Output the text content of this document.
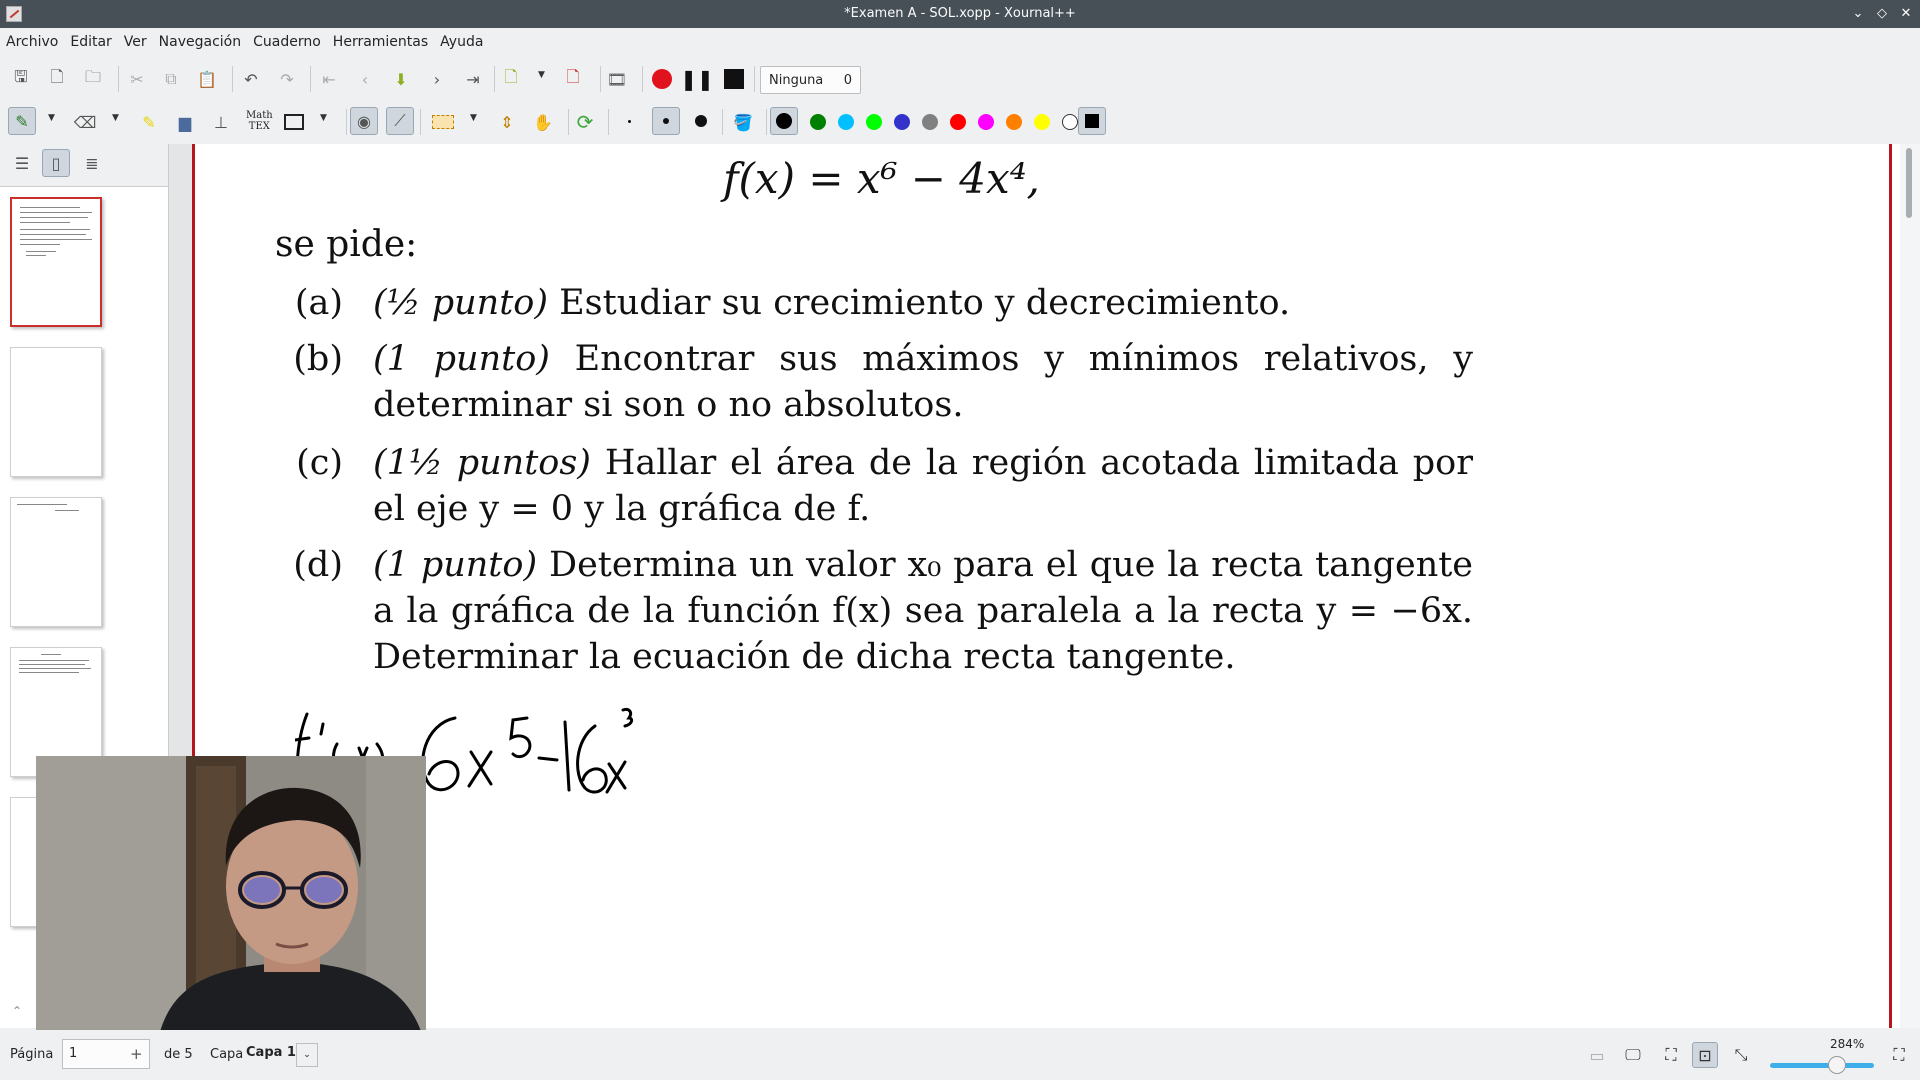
*Examen A - SOL.xopp - Xournal++	⌄	◇	✕
Archivo Editar Ver Navegación Cuaderno Herramientas Ayuda
🖫	🗋	🗀	✂	⧉	📋	↶	↷	⇤	‹	⬇	›	⇥	🗋 ▼ 🗋 🎞	❚❚	Ninguna 0
✎ ▼ ⌫ ▼ ✎ ▆	⊥	Math
TEX
▼	◉	⟋	▼	⇕	✋ ⟳	🪣
☰	▯	≣
⌃
f(x) = x⁶ − 4x⁴,
se pide:
(a) (½ punto) Estudiar su crecimiento y decrecimiento.
(b) (1 punto) Encontrar sus máximos y mínimos relativos, y determinar si son o no absolutos.
(c) (1½ puntos) Hallar el área de la región acotada limitada por el eje y = 0 y la gráfica de f.
(d) (1 punto) Determina un valor x₀ para el que la recta tangente a la gráfica de la función f(x) sea paralela a la recta y = −6x. Determinar la ecuación de dicha recta tangente.
Página	1	+ de 5 Capa Capa 1 ⌄	▭	🖵	⛶	⊡	⤡
284%
⛶
